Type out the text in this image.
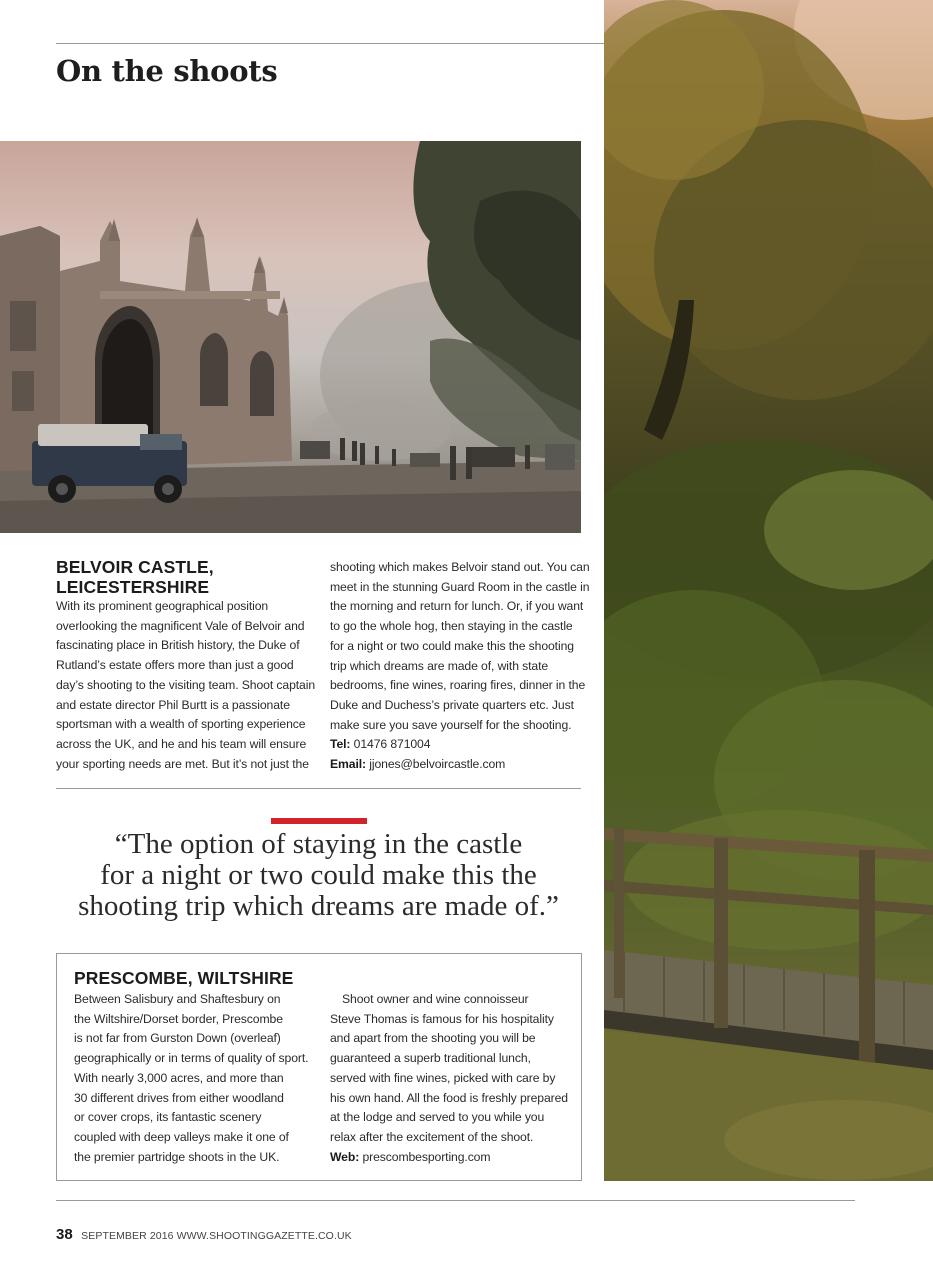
On the shoots
BELVOIR CASTLE,
LEICESTERSHIRE

With its prominent geographical position
overlooking the magnificent Vale of Belvoir and
fascinating place in British history, the Duke of
Rutland’s estate offers more than just a good
day’s shooting to the visiting team. Shoot captain
and estate director Phil Burtt is a passionate
sportsman with a wealth of sporting experience
across the UK, and he and his team will ensure
your sporting needs are met. But it’s not just the

shooting which makes Belvoir stand out. You can
meet in the stunning Guard Room in the castle in
the morning and return for lunch. Or, if you want
to go the whole hog, then staying in the castle
for a night or two could make this the shooting
trip which dreams are made of, with state
bedrooms, fine wines, roaring fires, dinner in the
Duke and Duchess’s private quarters etc. Just
make sure you save yourself for the shooting.
Tel: 01476 871004
Email: jjones@belvoircastle.com

“The option of staying in the castle
for a night or two could make this the
shooting trip which dreams are made of.”

PRESCOMBE, WILTSHIRE

Between Salisbury and Shaftesbury on
the Wiltshire/Dorset border, Prescombe
is not far from Gurston Down (overleaf)
geographically or in terms of quality of sport.
With nearly 3,000 acres, and more than
30 different drives from either woodland
or cover crops, its fantastic scenery
coupled with deep valleys make it one of
the premier partridge shoots in the UK.

Shoot owner and wine connoisseur
Steve Thomas is famous for his hospitality
and apart from the shooting you will be
guaranteed a superb traditional lunch,
served with fine wines, picked with care by
his own hand. All the food is freshly prepared
at the lodge and served to you while you
relax after the excitement of the shoot.
Web: prescombesporting.com

38 SEPTEMBER 2016 WWW.SHOOTINGGAZETTE.CO.UK
